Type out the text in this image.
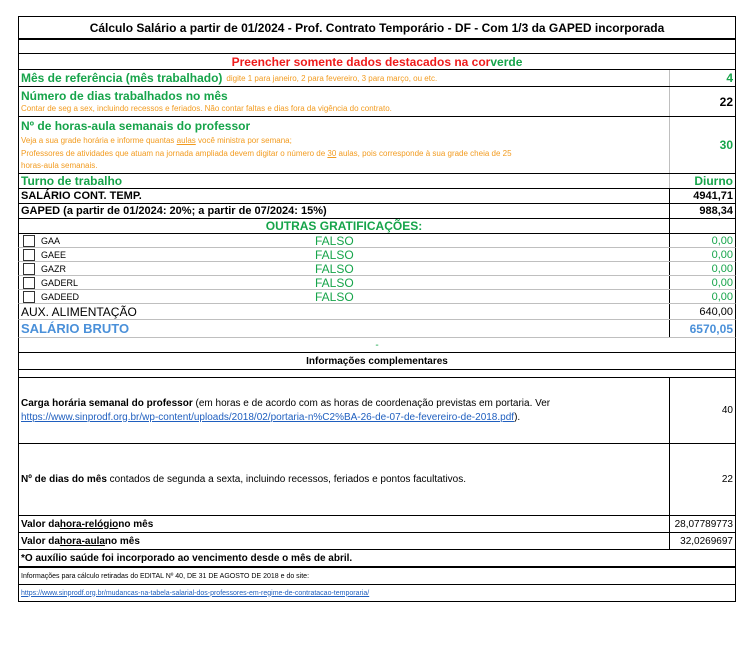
Cálculo Salário a partir de 01/2024 - Prof. Contrato Temporário - DF - Com 1/3 da GAPED incorporada
Preencher somente dados destacados na cor verde
Mês de referência (mês trabalhado) digite 1 para janeiro, 2 para fevereiro, 3 para março, ou etc.	4
Número de dias trabalhados no mês
Contar de seg a sex, incluindo recessos e feriados. Não contar faltas e dias fora da vigência do contrato.	22
Nº de horas-aula semanais do professor
Veja a sua grade horária e informe quantas aulas você ministra por semana;
Professores de atividades que atuam na jornada ampliada devem digitar o número de 30 aulas, pois corresponde à sua grade cheia de 25
horas-aula semanais.
30
Turno de trabalho	Diurno
SALÁRIO CONT. TEMP.	4941,71
GAPED (a partir de 01/2024: 20%; a partir de 07/2024: 15%)	988,34
OUTRAS GRATIFICAÇÕES:
GAA	FALSO	0,00
GAEE	FALSO	0,00
GAZR	FALSO	0,00
GADERL	FALSO	0,00
GADEED	FALSO	0,00
AUX. ALIMENTAÇÃO	640,00
SALÁRIO BRUTO	6570,05
-
Informações complementares
Carga horária semanal do professor (em horas e de acordo com as horas de coordenação previstas em portaria. Ver
https://www.sinprodf.org.br/wp-content/uploads/2018/02/portaria-n%C2%BA-26-de-07-de-fevereiro-de-2018.pdf).
40
Nº de dias do mês contados de segunda a sexta, incluindo recessos, feriados e pontos facultativos.	22
Valor da hora-relógio no mês	28,07789773
Valor da hora-aula no mês	32,0269697
*O auxílio saúde foi incorporado ao vencimento desde o mês de abril.
Informações para cálculo retiradas do EDITAL Nº 40, DE 31 DE AGOSTO DE 2018 e do site:
https://www.sinprodf.org.br/mudancas-na-tabela-salarial-dos-professores-em-regime-de-contratacao-temporaria/
